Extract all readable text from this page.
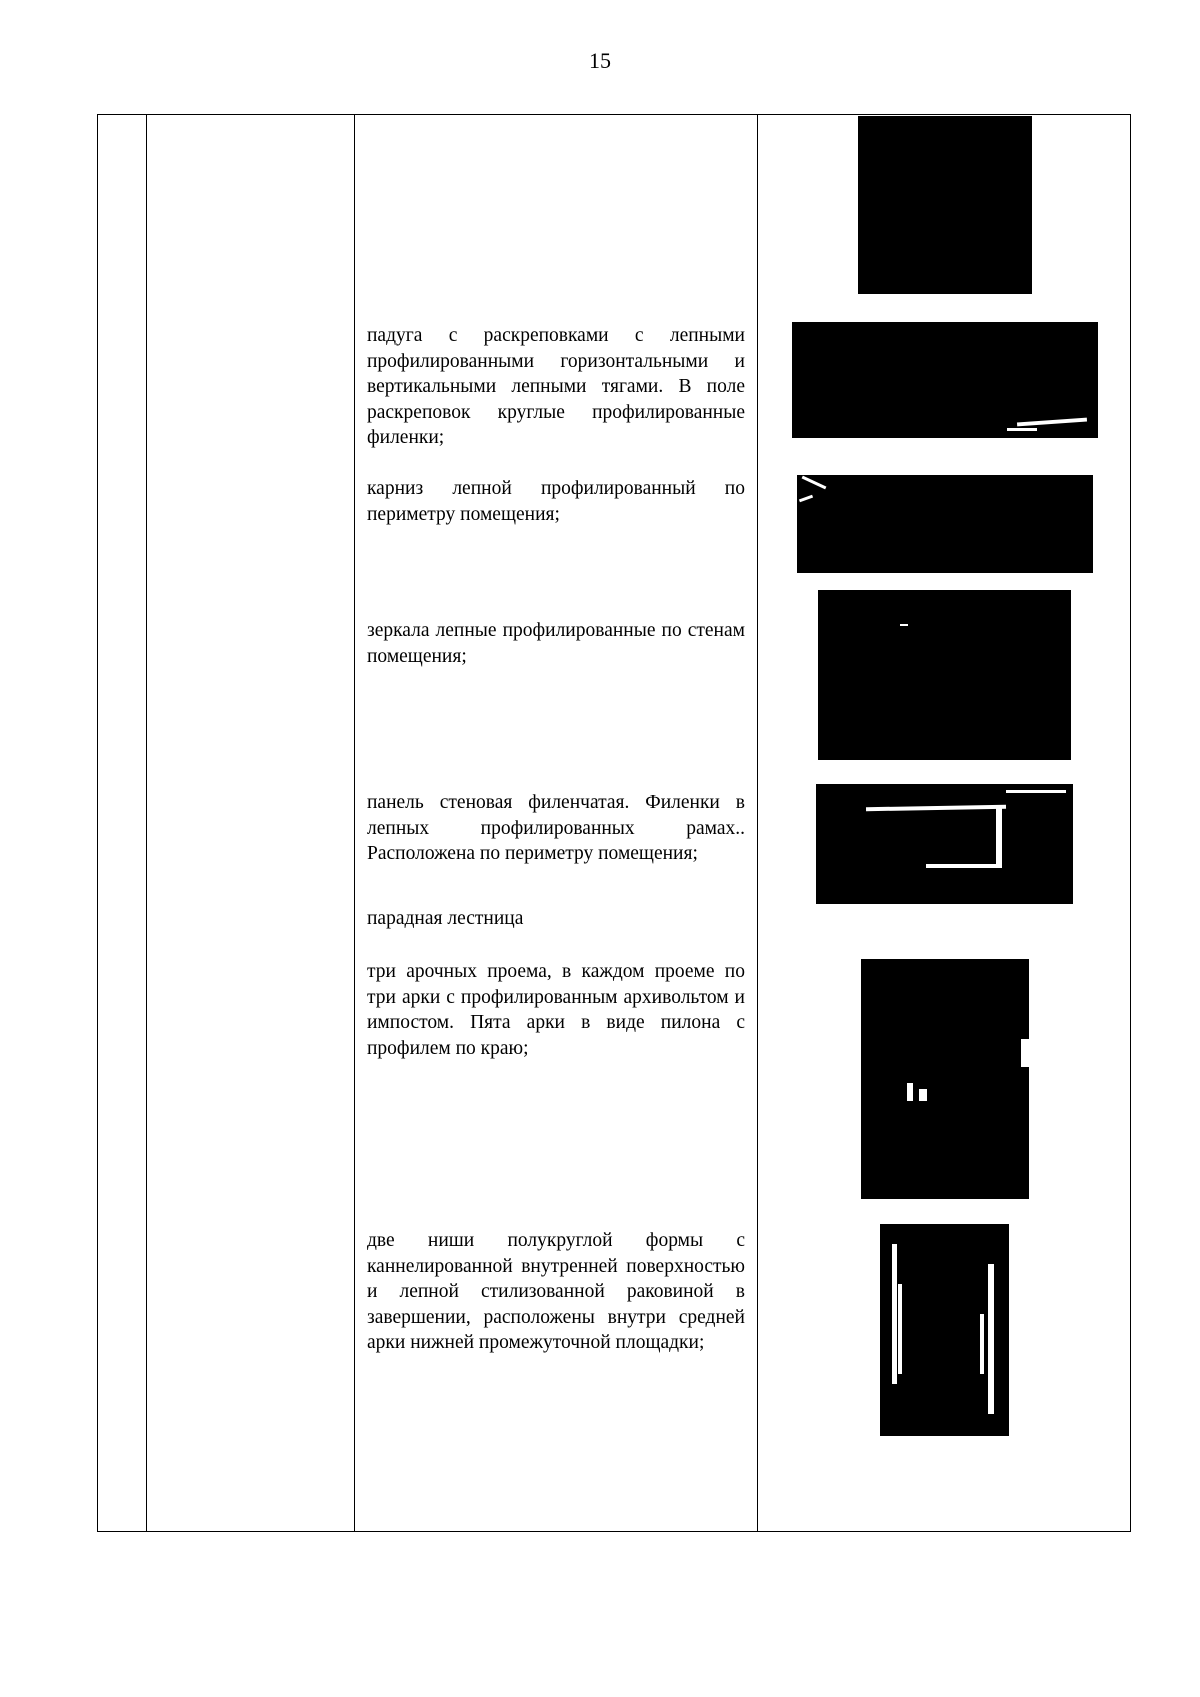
15

падуга с раскреповками с лепными профилированными горизонтальными и вертикальными лепными тягами. В поле раскреповок круглые профилированные филенки;

карниз лепной профилированный по периметру помещения;

зеркала лепные профилированные по стенам помещения;

панель стеновая филенчатая. Филенки в лепных профилированных рамах.. Расположена по периметру помещения;

парадная лестница

три арочных проема, в каждом проеме по три арки с профилированным архивольтом и импостом. Пята арки в виде пилона с профилем по краю;

две ниши полукруглой формы с каннелированной внутренней поверхностью и лепной стилизованной раковиной в завершении, расположены внутри средней арки нижней промежуточной площадки;
